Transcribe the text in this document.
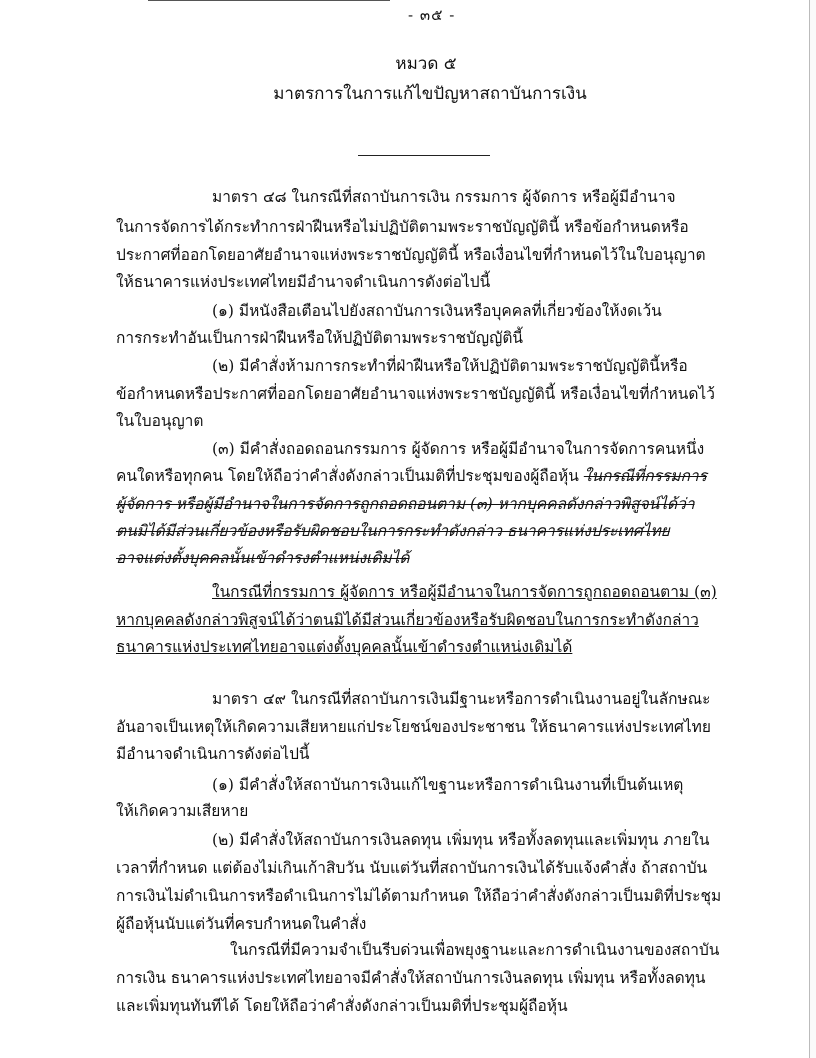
- ๓๕ -
หมวด ๕
มาตรการในการแก้ไขปัญหาสถาบันการเงิน
มาตรา ๔๘ ในกรณีที่สถาบันการเงิน กรรมการ ผู้จัดการ หรือผู้มีอำนาจ
ในการจัดการได้กระทำการฝ่าฝืนหรือไม่ปฏิบัติตามพระราชบัญญัตินี้ หรือข้อกำหนดหรือ
ประกาศที่ออกโดยอาศัยอำนาจแห่งพระราชบัญญัตินี้ หรือเงื่อนไขที่กำหนดไว้ในใบอนุญาต
ให้ธนาคารแห่งประเทศไทยมีอำนาจดำเนินการดังต่อไปนี้
(๑) มีหนังสือเตือนไปยังสถาบันการเงินหรือบุคคลที่เกี่ยวข้องให้งดเว้น
การกระทำอันเป็นการฝ่าฝืนหรือให้ปฏิบัติตามพระราชบัญญัตินี้
(๒) มีคำสั่งห้ามการกระทำที่ฝ่าฝืนหรือให้ปฏิบัติตามพระราชบัญญัตินี้หรือ
ข้อกำหนดหรือประกาศที่ออกโดยอาศัยอำนาจแห่งพระราชบัญญัตินี้ หรือเงื่อนไขที่กำหนดไว้
ในใบอนุญาต
(๓) มีคำสั่งถอดถอนกรรมการ ผู้จัดการ หรือผู้มีอำนาจในการจัดการคนหนึ่ง
คนใดหรือทุกคน โดยให้ถือว่าคำสั่งดังกล่าวเป็นมติที่ประชุมของผู้ถือหุ้น ในกรณีที่กรรมการ
ผู้จัดการ หรือผู้มีอำนาจในการจัดการถูกถอดถอนตาม (๓) หากบุคคลดังกล่าวพิสูจน์ได้ว่า
ตนมิได้มีส่วนเกี่ยวข้องหรือรับผิดชอบในการกระทำดังกล่าว ธนาคารแห่งประเทศไทย
อาจแต่งตั้งบุคคลนั้นเข้าดำรงตำแหน่งเดิมได้
ในกรณีที่กรรมการ ผู้จัดการ หรือผู้มีอำนาจในการจัดการถูกถอดถอนตาม (๓)
หากบุคคลดังกล่าวพิสูจน์ได้ว่าตนมิได้มีส่วนเกี่ยวข้องหรือรับผิดชอบในการกระทำดังกล่าว
ธนาคารแห่งประเทศไทยอาจแต่งตั้งบุคคลนั้นเข้าดำรงตำแหน่งเดิมได้
มาตรา ๔๙ ในกรณีที่สถาบันการเงินมีฐานะหรือการดำเนินงานอยู่ในลักษณะ
อันอาจเป็นเหตุให้เกิดความเสียหายแก่ประโยชน์ของประชาชน ให้ธนาคารแห่งประเทศไทย
มีอำนาจดำเนินการดังต่อไปนี้
(๑) มีคำสั่งให้สถาบันการเงินแก้ไขฐานะหรือการดำเนินงานที่เป็นต้นเหตุ
ให้เกิดความเสียหาย
(๒) มีคำสั่งให้สถาบันการเงินลดทุน เพิ่มทุน หรือทั้งลดทุนและเพิ่มทุน ภายใน
เวลาที่กำหนด แต่ต้องไม่เกินเก้าสิบวัน นับแต่วันที่สถาบันการเงินได้รับแจ้งคำสั่ง ถ้าสถาบัน
การเงินไม่ดำเนินการหรือดำเนินการไม่ได้ตามกำหนด ให้ถือว่าคำสั่งดังกล่าวเป็นมติที่ประชุม
ผู้ถือหุ้นนับแต่วันที่ครบกำหนดในคำสั่ง
ในกรณีที่มีความจำเป็นรีบด่วนเพื่อพยุงฐานะและการดำเนินงานของสถาบัน
การเงิน ธนาคารแห่งประเทศไทยอาจมีคำสั่งให้สถาบันการเงินลดทุน เพิ่มทุน หรือทั้งลดทุน
และเพิ่มทุนทันทีได้ โดยให้ถือว่าคำสั่งดังกล่าวเป็นมติที่ประชุมผู้ถือหุ้น
